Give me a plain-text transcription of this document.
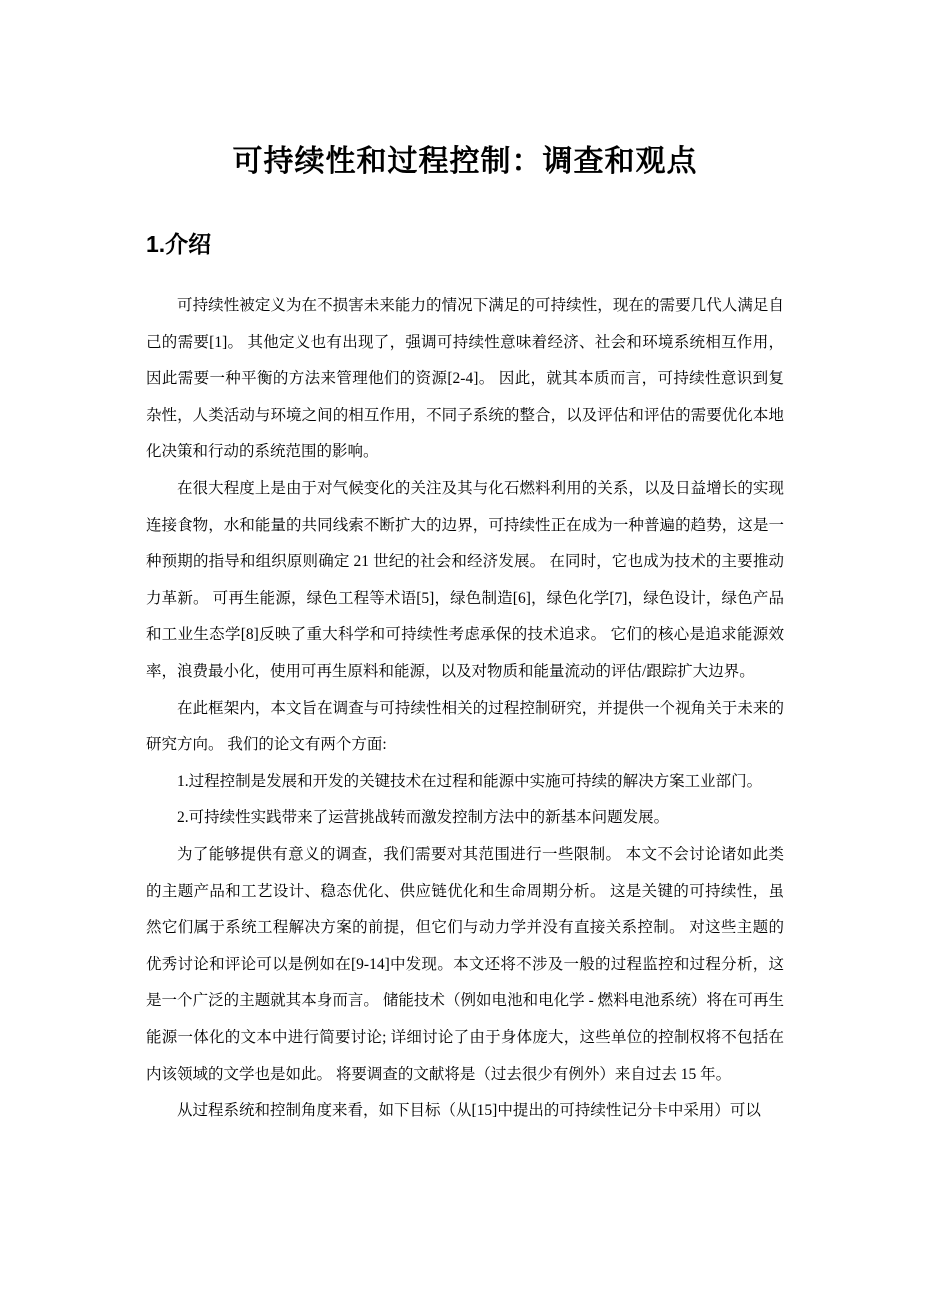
可持续性和过程控制：调查和观点
1.介绍

可持续性被定义为在不损害未来能力的情况下满足的可持续性，现在的需要几代人满足自己的需要[1]。 其他定义也有出现了，强调可持续性意味着经济、社会和环境系统相互作用，因此需要一种平衡的方法来管理他们的资源[2-4]。 因此，就其本质而言，可持续性意识到复杂性，人类活动与环境之间的相互作用，不同子系统的整合，以及评估和评估的需要优化本地化决策和行动的系统范围的影响。

在很大程度上是由于对气候变化的关注及其与化石燃料利用的关系，以及日益增长的实现连接食物，水和能量的共同线索不断扩大的边界，可持续性正在成为一种普遍的趋势，这是一种预期的指导和组织原则确定 21 世纪的社会和经济发展。 在同时，它也成为技术的主要推动力革新。 可再生能源，绿色工程等术语[5]，绿色制造[6]，绿色化学[7]，绿色设计，绿色产品和工业生态学[8]反映了重大科学和可持续性考虑承保的技术追求。 它们的核心是追求能源效率，浪费最小化，使用可再生原料和能源，以及对物质和能量流动的评估/跟踪扩大边界。

在此框架内，本文旨在调查与可持续性相关的过程控制研究，并提供一个视角关于未来的研究方向。 我们的论文有两个方面:

1.过程控制是发展和开发的关键技术在过程和能源中实施可持续的解决方案工业部门。

2.可持续性实践带来了运营挑战转而激发控制方法中的新基本问题发展。

为了能够提供有意义的调查，我们需要对其范围进行一些限制。 本文不会讨论诸如此类的主题产品和工艺设计、稳态优化、供应链优化和生命周期分析。 这是关键的可持续性，虽然它们属于系统工程解决方案的前提，但它们与动力学并没有直接关系控制。 对这些主题的优秀讨论和评论可以是例如在[9-14]中发现。本文还将不涉及一般的过程监控和过程分析，这是一个广泛的主题就其本身而言。 储能技术（例如电池和电化学 - 燃料电池系统）将在可再生能源一体化的文本中进行简要讨论; 详细讨论了由于身体庞大，这些单位的控制权将不包括在内该领域的文学也是如此。 将要调查的文献将是（过去很少有例外）来自过去 15 年。

从过程系统和控制角度来看，如下目标（从[15]中提出的可持续性记分卡中采用）可以
